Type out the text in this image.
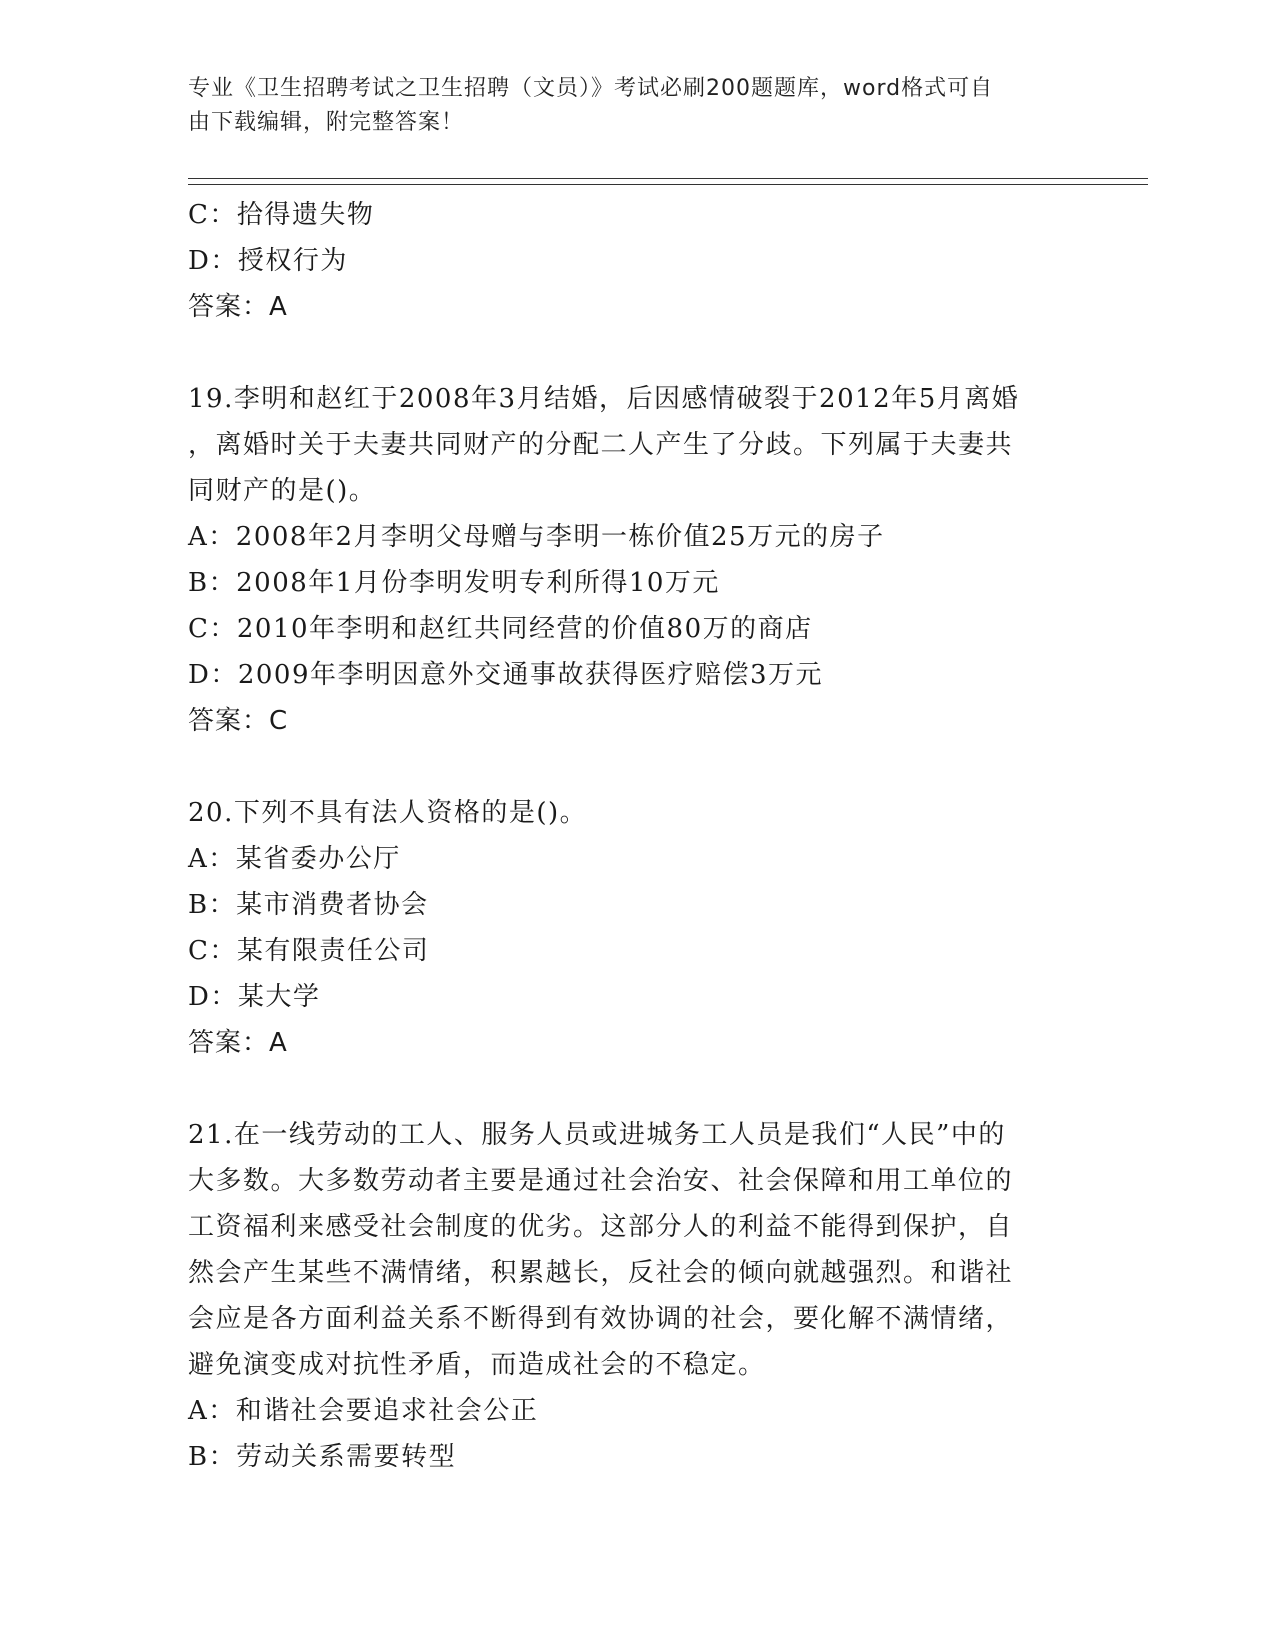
专业《卫生招聘考试之卫生招聘（文员）》考试必刷200题题库，word格式可自
由下载编辑，附完整答案！
C：拾得遗失物
D：授权行为
答案：A
19.李明和赵红于2008年3月结婚，后因感情破裂于2012年5月离婚
，离婚时关于夫妻共同财产的分配二人产生了分歧。下列属于夫妻共
同财产的是()。
A：2008年2月李明父母赠与李明一栋价值25万元的房子
B：2008年1月份李明发明专利所得10万元
C：2010年李明和赵红共同经营的价值80万的商店
D：2009年李明因意外交通事故获得医疗赔偿3万元
答案：C
20.下列不具有法人资格的是()。
A：某省委办公厅
B：某市消费者协会
C：某有限责任公司
D：某大学
答案：A
21.在一线劳动的工人、服务人员或进城务工人员是我们“人民”中的
大多数。大多数劳动者主要是通过社会治安、社会保障和用工单位的
工资福利来感受社会制度的优劣。这部分人的利益不能得到保护，自
然会产生某些不满情绪，积累越长，反社会的倾向就越强烈。和谐社
会应是各方面利益关系不断得到有效协调的社会，要化解不满情绪，
避免演变成对抗性矛盾，而造成社会的不稳定。
A：和谐社会要追求社会公正
B：劳动关系需要转型
